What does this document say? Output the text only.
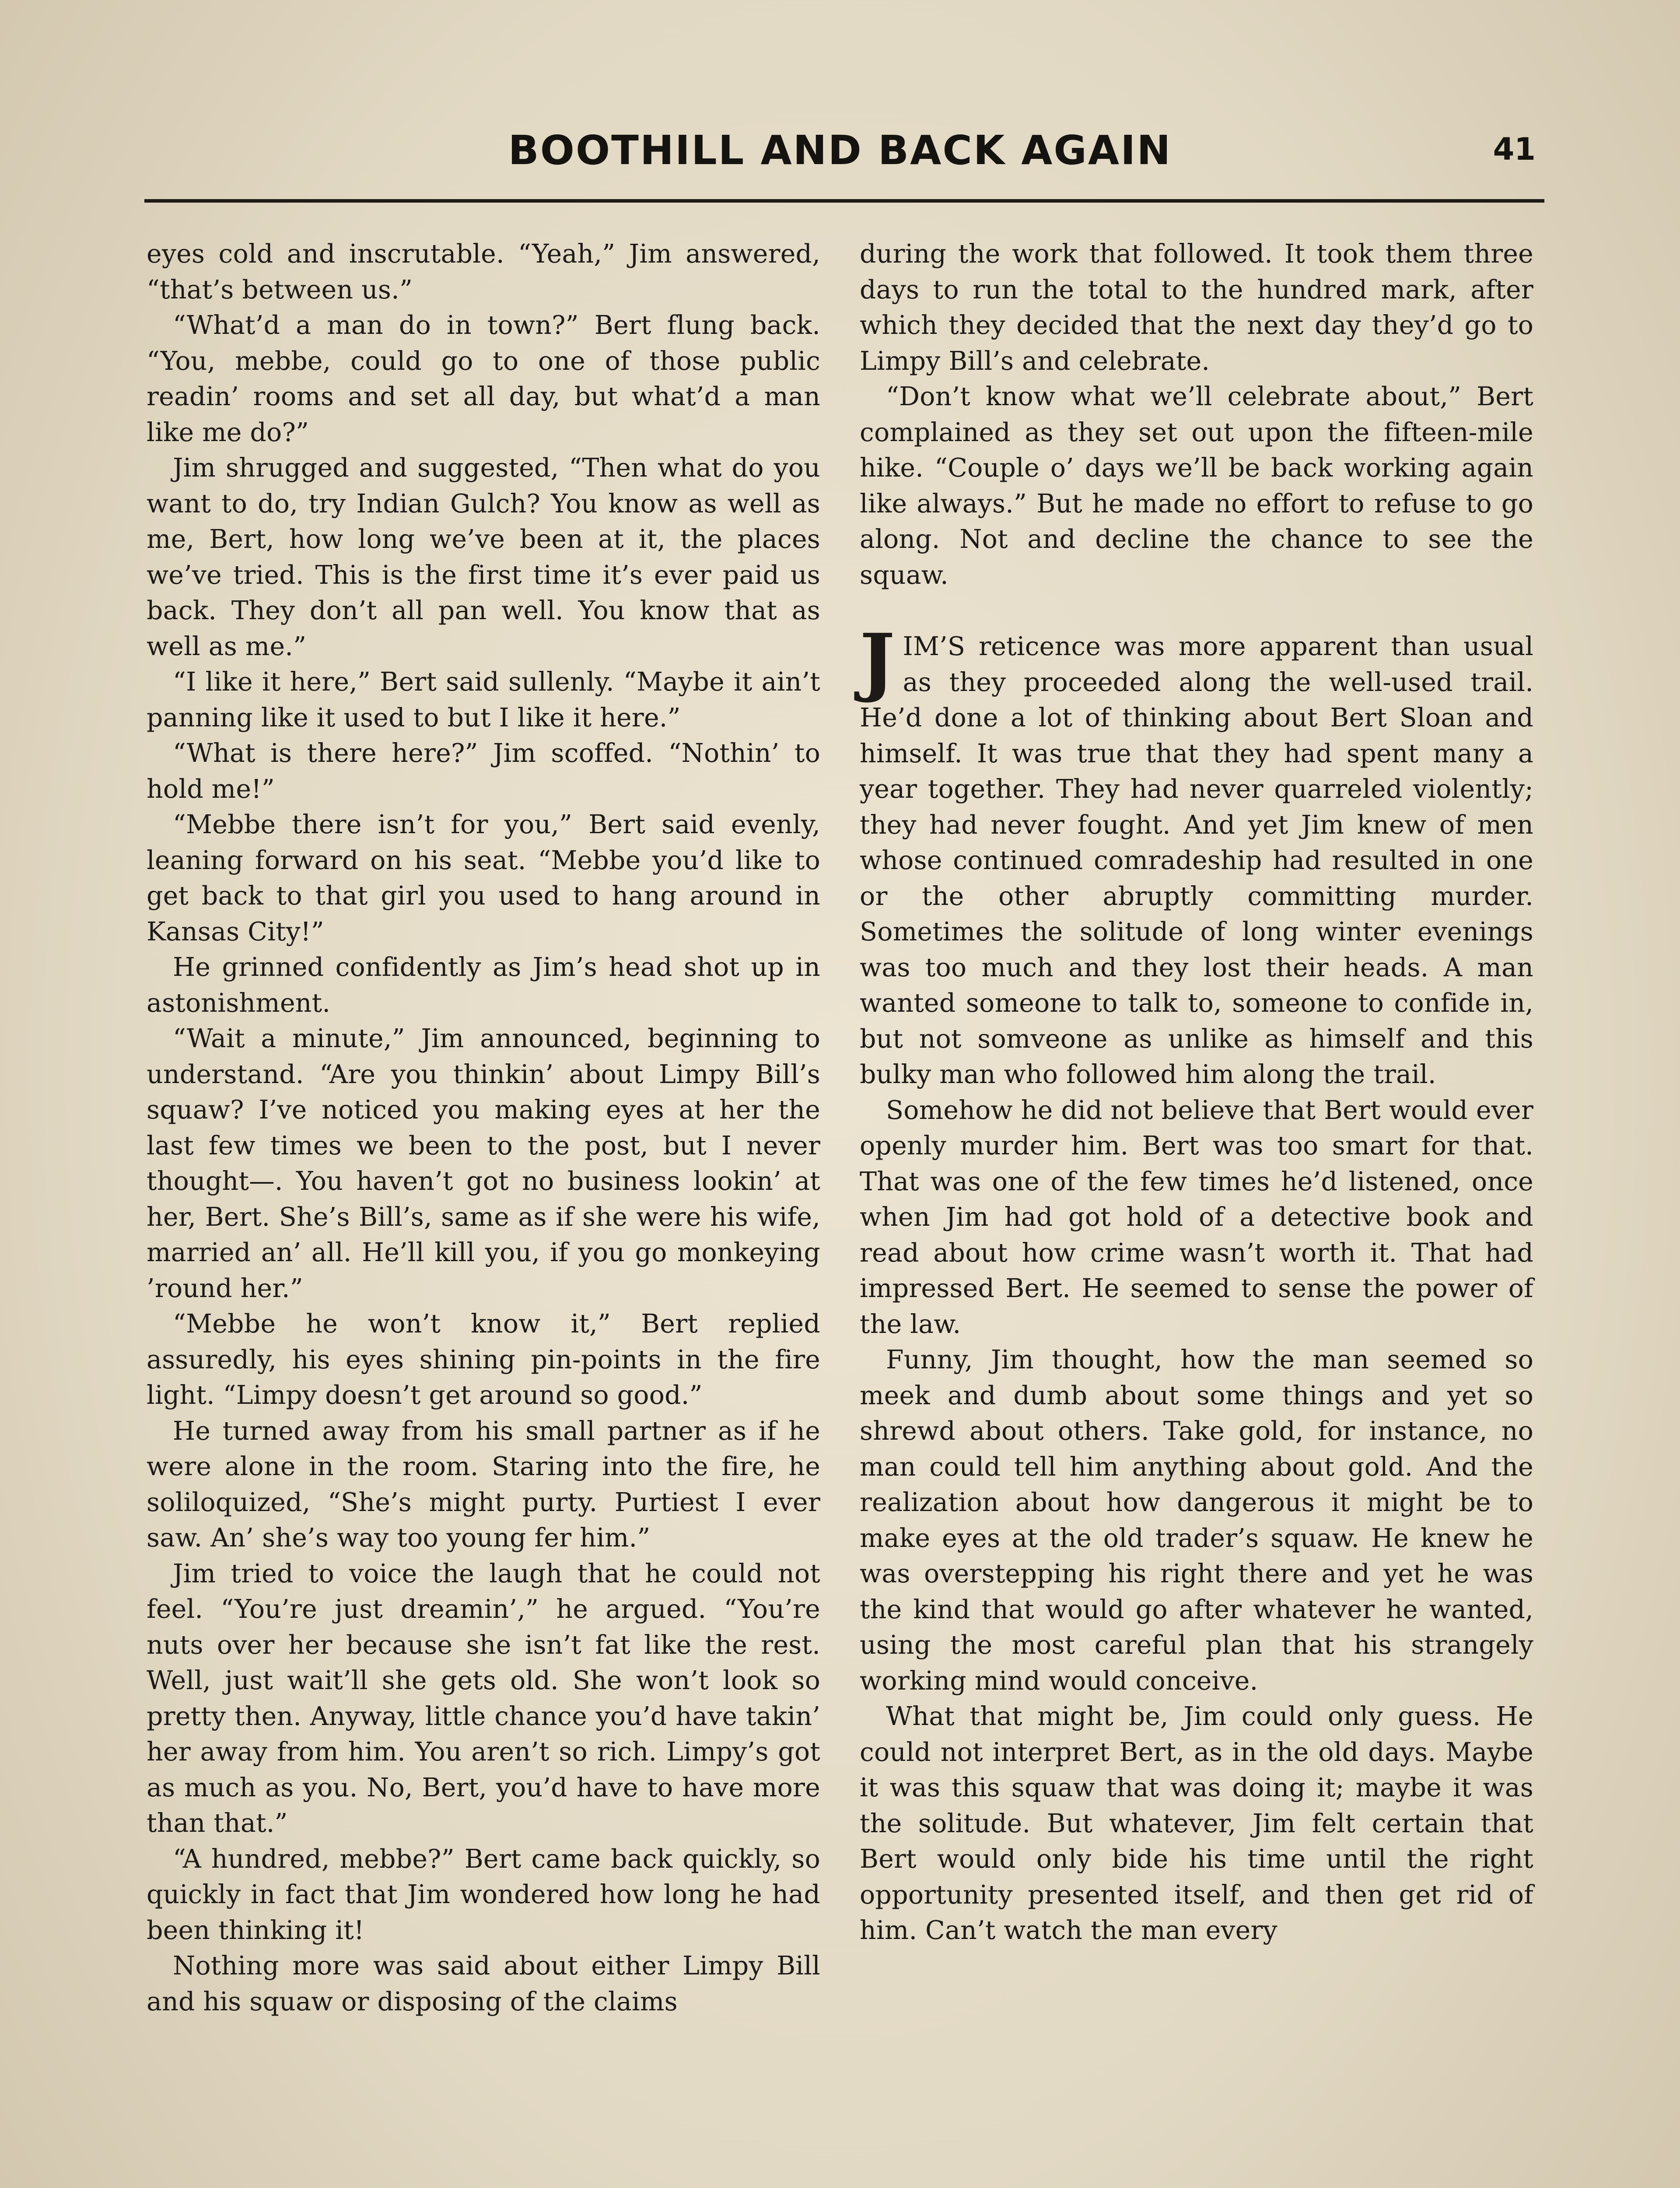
BOOTHILL AND BACK AGAIN	41

eyes cold and inscrutable. “Yeah,” Jim answered, “that’s between us.”

“What’d a man do in town?” Bert flung back. “You, mebbe, could go to one of those public readin’ rooms and set all day, but what’d a man like me do?”

Jim shrugged and suggested, “Then what do you want to do, try Indian Gulch? You know as well as me, Bert, how long we’ve been at it, the places we’ve tried. This is the first time it’s ever paid us back. They don’t all pan well. You know that as well as me.”

“I like it here,” Bert said sullenly. “Maybe it ain’t panning like it used to but I like it here.”

“What is there here?” Jim scoffed. “Nothin’ to hold me!”

“Mebbe there isn’t for you,” Bert said evenly, leaning forward on his seat. “Mebbe you’d like to get back to that girl you used to hang around in Kansas City!”

He grinned confidently as Jim’s head shot up in astonishment.

“Wait a minute,” Jim announced, beginning to understand. “Are you thinkin’ about Limpy Bill’s squaw? I’ve noticed you making eyes at her the last few times we been to the post, but I never thought—. You haven’t got no business lookin’ at her, Bert. She’s Bill’s, same as if she were his wife, married an’ all. He’ll kill you, if you go monkeying ’round her.”

“Mebbe he won’t know it,” Bert replied assuredly, his eyes shining pin-points in the fire light. “Limpy doesn’t get around so good.”

He turned away from his small partner as if he were alone in the room. Staring into the fire, he soliloquized, “She’s might purty. Purtiest I ever saw. An’ she’s way too young fer him.”

Jim tried to voice the laugh that he could not feel. “You’re just dreamin’,” he argued. “You’re nuts over her because she isn’t fat like the rest. Well, just wait’ll she gets old. She won’t look so pretty then. Anyway, little chance you’d have takin’ her away from him. You aren’t so rich. Limpy’s got as much as you. No, Bert, you’d have to have more than that.”

“A hundred, mebbe?” Bert came back quickly, so quickly in fact that Jim wondered how long he had been thinking it!

Nothing more was said about either Limpy Bill and his squaw or disposing of the claims

during the work that followed. It took them three days to run the total to the hundred mark, after which they decided that the next day they’d go to Limpy Bill’s and celebrate.

“Don’t know what we’ll celebrate about,” Bert complained as they set out upon the fifteen-mile hike. “Couple o’ days we’ll be back working again like always.” But he made no effort to refuse to go along. Not and decline the chance to see the squaw.

JIM’S reticence was more apparent than usual as they proceeded along the well-used trail. He’d done a lot of thinking about Bert Sloan and himself. It was true that they had spent many a year together. They had never quarreled violently; they had never fought. And yet Jim knew of men whose continued comradeship had resulted in one or the other abruptly committing murder. Sometimes the solitude of long winter evenings was too much and they lost their heads. A man wanted someone to talk to, someone to confide in, but not somveone as unlike as himself and this bulky man who followed him along the trail.

Somehow he did not believe that Bert would ever openly murder him. Bert was too smart for that. That was one of the few times he’d listened, once when Jim had got hold of a detective book and read about how crime wasn’t worth it. That had impressed Bert. He seemed to sense the power of the law.

Funny, Jim thought, how the man seemed so meek and dumb about some things and yet so shrewd about others. Take gold, for instance, no man could tell him anything about gold. And the realization about how dangerous it might be to make eyes at the old trader’s squaw. He knew he was overstepping his right there and yet he was the kind that would go after whatever he wanted, using the most careful plan that his strangely working mind would conceive.

What that might be, Jim could only guess. He could not interpret Bert, as in the old days. Maybe it was this squaw that was doing it; maybe it was the solitude. But whatever, Jim felt certain that Bert would only bide his time until the right opportunity presented itself, and then get rid of him. Can’t watch the man every
